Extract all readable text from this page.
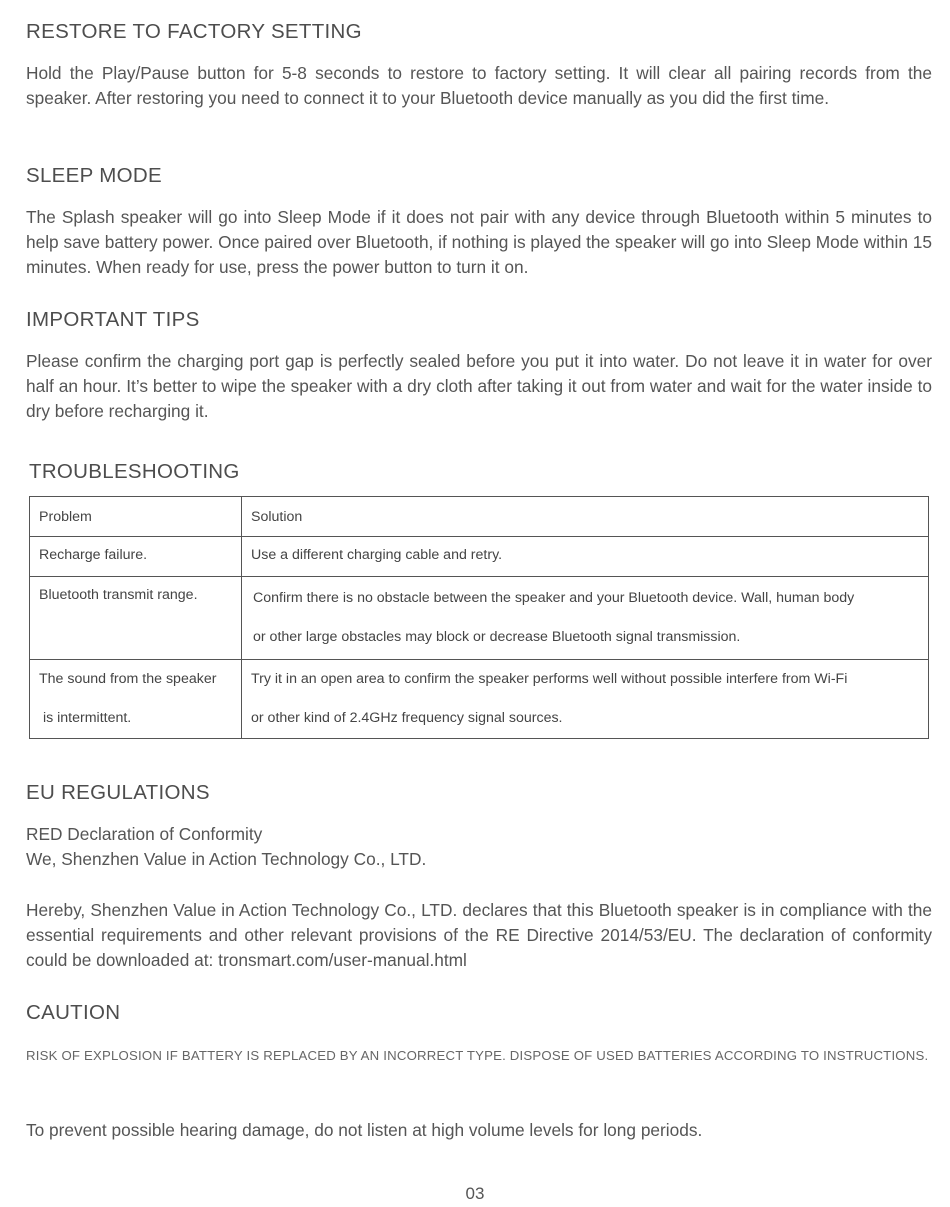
RESTORE TO FACTORY SETTING

Hold the Play/Pause button for 5-8 seconds to restore to factory setting. It will clear all pairing records from the speaker. After restoring you need to connect it to your Bluetooth device manually as you did the first time.

SLEEP MODE

The Splash speaker will go into Sleep Mode if it does not pair with any device through Bluetooth within 5 minutes to help save battery power. Once paired over Bluetooth, if nothing is played the speaker will go into Sleep Mode within 15 minutes. When ready for use, press the power button to turn it on.

IMPORTANT TIPS

Please confirm the charging port gap is perfectly sealed before you put it into water. Do not leave it in water for over half an hour. It’s better to wipe the speaker with a dry cloth after taking it out from water and wait for the water inside to dry before recharging it.

TROUBLESHOOTING
Problem	Solution

Recharge failure.	Use a different charging cable and retry.

Bluetooth transmit range.	Confirm there is no obstacle between the speaker and your Bluetooth device. Wall, human body
or other large obstacles may block or decrease Bluetooth signal transmission.

The sound from the speaker
is intermittent.	Try it in an open area to confirm the speaker performs well without possible interfere from Wi-Fi
or other kind of 2.4GHz frequency signal sources.
EU REGULATIONS

RED Declaration of Conformity

We, Shenzhen Value in Action Technology Co., LTD.

Hereby, Shenzhen Value in Action Technology Co., LTD. declares that this Bluetooth speaker is in compliance with the essential requirements and other relevant provisions of the RE Directive 2014/53/EU. The declaration of conformity could be downloaded at: tronsmart.com/user-manual.html

CAUTION

RISK OF EXPLOSION IF BATTERY IS REPLACED BY AN INCORRECT TYPE. DISPOSE OF USED BATTERIES ACCORDING TO INSTRUCTIONS.

To prevent possible hearing damage, do not listen at high volume levels for long periods.

03
